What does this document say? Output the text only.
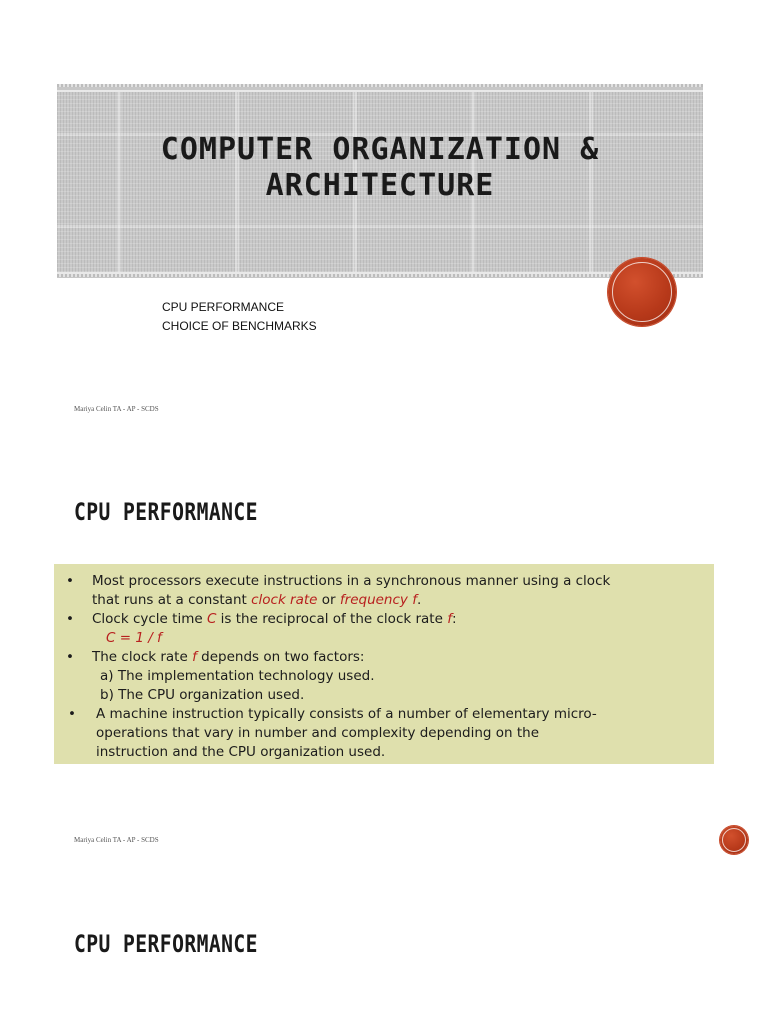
COMPUTER ORGANIZATION &
ARCHITECTURE
CPU PERFORMANCE
CHOICE OF BENCHMARKS
Mariya Celin TA - AP - SCDS
CPU PERFORMANCE
• Most processors execute instructions in a synchronous manner using a clock
that runs at a constant clock rate or frequency f.
• Clock cycle time C is the reciprocal of the clock rate f:
C = 1 / f
• The clock rate f depends on two factors:
a) The implementation technology used.
b) The CPU organization used.
• A machine instruction typically consists of a number of elementary micro-
operations that vary in number and complexity depending on the
instruction and the CPU organization used.
Mariya Celin TA - AP - SCDS
CPU PERFORMANCE
